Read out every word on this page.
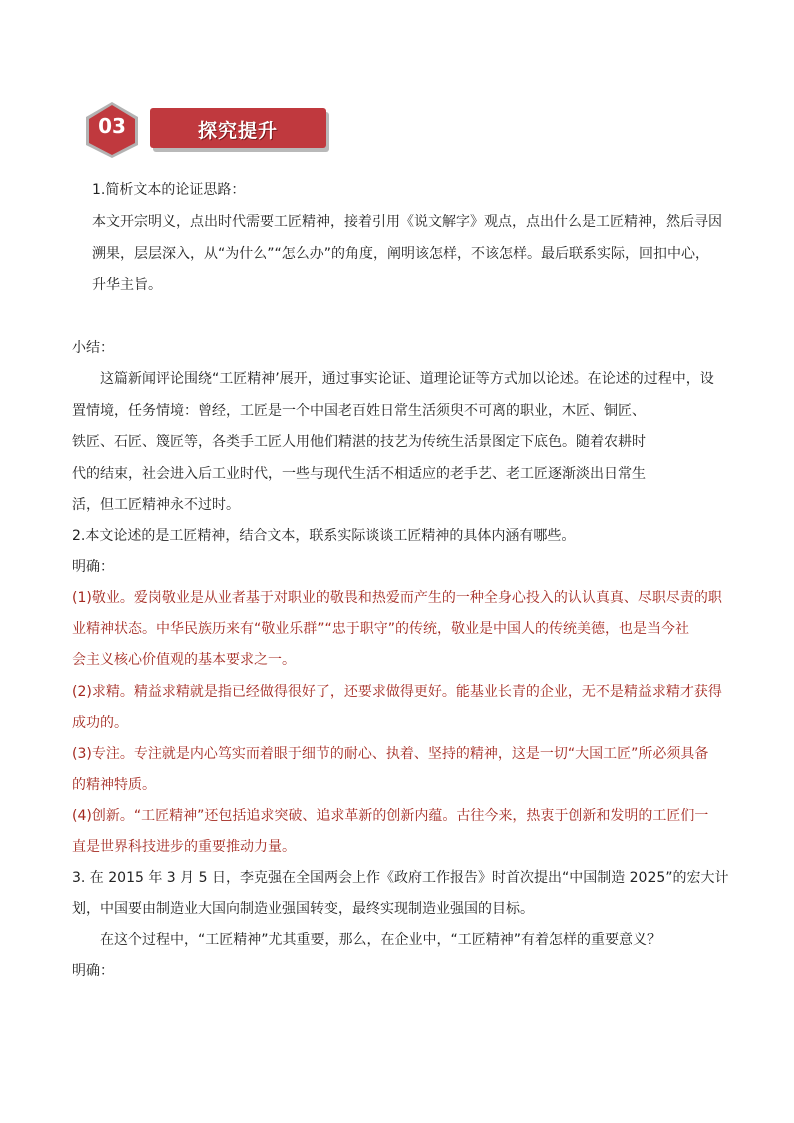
03	探究提升
1.简析文本的论证思路：
本文开宗明义，点出时代需要工匠精神，接着引用《说文解字》观点，点出什么是工匠精神，然后寻因
溯果，层层深入，从“为什么”“怎么办”的角度，阐明该怎样，不该怎样。最后联系实际，回扣中心，
升华主旨。
小结：
这篇新闻评论围绕“工匠精神’展开，通过事实论证、道理论证等方式加以论述。在论述的过程中，设
置情境，任务情境：曾经，工匠是一个中国老百姓日常生活须臾不可离的职业，木匠、铜匠、
铁匠、石匠、篾匠等，各类手工匠人用他们精湛的技艺为传统生活景图定下底色。随着农耕时
代的结束，社会进入后工业时代，一些与现代生活不相适应的老手艺、老工匠逐渐淡出日常生
活，但工匠精神永不过时。
2.本文论述的是工匠精神，结合文本，联系实际谈谈工匠精神的具体内涵有哪些。
明确：
(1)敬业。爱岗敬业是从业者基于对职业的敬畏和热爱而产生的一种全身心投入的认认真真、尽职尽责的职
业精神状态。中华民族历来有“敬业乐群”“忠于职守”的传统，敬业是中国人的传统美德，也是当今社
会主义核心价值观的基本要求之一。
(2)求精。精益求精就是指已经做得很好了，还要求做得更好。能基业长青的企业，无不是精益求精才获得
成功的。
(3)专注。专注就是内心笃实而着眼于细节的耐心、执着、坚持的精神，这是一切“大国工匠”所必须具备
的精神特质。
(4)创新。“工匠精神”还包括追求突破、追求革新的创新内蕴。古往今来，热衷于创新和发明的工匠们一
直是世界科技进步的重要推动力量。
3. 在 2015 年 3 月 5 日，李克强在全国两会上作《政府工作报告》时首次提出“中国制造 2025”的宏大计
划，中国要由制造业大国向制造业强国转变，最终实现制造业强国的目标。
在这个过程中，“工匠精神”尤其重要，那么，在企业中，“工匠精神”有着怎样的重要意义？
明确：
